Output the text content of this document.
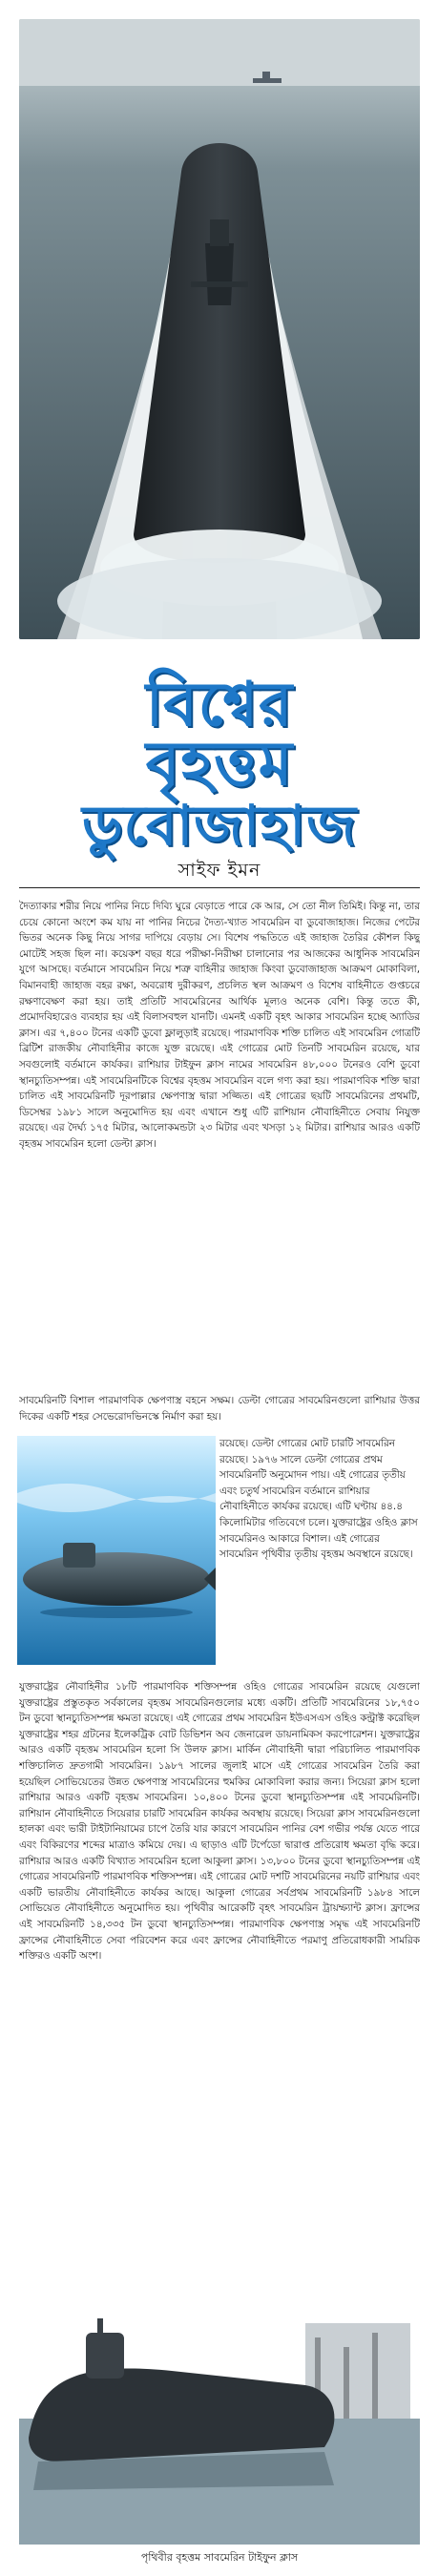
বিশ্বের
বৃহত্তম
ডুবোজাহাজ
সাইফ ইমন
দৈত্যাকার শরীর নিয়ে পানির নিচে দিব্যি ঘুরে বেড়াতে পারে কে আর, সে তো নীল তিমিই। কিন্তু না, তার চেয়ে কোনো অংশে কম যায় না পানির নিচের দৈত্য-খ্যাত সাবমেরিন বা ডুবোজাহাজ। নিজের পেটের ভিতর অনেক কিছু নিয়ে সাগর দাপিয়ে বেড়ায় সে। বিশেষ পদ্ধতিতে এই জাহাজ তৈরির কৌশল কিছু মোটেই সহজ ছিল না। কয়েকশ বছর ধরে পরীক্ষা-নিরীক্ষা চালানোর পর আজকের আধুনিক সাবমেরিন যুগে আসছে। বর্তমানে সাবমেরিন নিয়ে শত্রু বাহিনীর জাহাজ কিংবা ডুবোজাহাজ আক্রমণ মোকাবিলা, বিমানবাহী জাহাজ বহর রক্ষা, অবরোধ দুরীকরণ, প্রচলিত স্থল আক্রমণ ও বিশেষ বাহিনীতে গুপ্তচরে রক্ষণাবেক্ষণ করা হয়। তাই প্রতিটি সাবমেরিনের আর্থিক মূল্যও অনেক বেশি। কিন্তু ততে কী, প্রমোদবিহারেও ব্যবহার হয় এই বিলাসবহুল যানটি। এমনই একটি বৃহৎ আকার সাবমেরিন হচ্ছে অ্যাডির ক্লাস। এর ৭,৪০০ টনের একটি ডুবো ফ্লালুড়াই রয়েছে। পারমাণবিক শক্তি চালিত এই সাবমেরিন গোত্রটি ব্রিটিশ রাজকীয় নৌবাহিনীর কাজে যুক্ত রয়েছে। এই গোত্রের মোট তিনটি সাবমেরিন রয়েছে, যার সবগুলোই বর্তমানে কার্যকর। রাশিয়ার টাইফুন ক্লাস নামের সাবমেরিন ৪৮,০০০ টনেরও বেশি ডুবো স্থানচ্যুতিসম্পন্ন। এই সাবমেরিনটিকে বিশ্বের বৃহত্তম সাবমেরিন বলে গণ্য করা হয়। পারমাণবিক শক্তি দ্বারা চালিত এই সাবমেরিনটি দূরপাল্লার ক্ষেপণাস্ত্র দ্বারা সজ্জিত। এই গোত্রের ছয়টি সাবমেরিনের প্রথমটি, ডিসেম্বর ১৯৮১ সালে অনুমোদিত হয় এবং এখানে শুধু এটি রাশিয়ান নৌবাহিনীতে সেবায় নিযুক্ত রয়েছে। এর দৈর্ঘ্য ১৭৫ মিটার, আলোকমন্ডটা ২৩ মিটার এবং খসড়া ১২ মিটার। রাশিয়ার আরও একটি বৃহত্তম সাবমেরিন হলো ডেল্টা ক্লাস।
সাবমেরিনটি বিশাল পারমাণবিক ক্ষেপণাস্ত্র বহনে সক্ষম। ডেল্টা গোত্রের সাবমেরিনগুলো রাশিয়ার উত্তর দিকের একটি শহর সেভেরোদভিনস্কে নির্মাণ করা হয়।
রয়েছে। ডেল্টা গোত্রের মোট চারটি সাবমেরিন রয়েছে। ১৯৭৬ সালে ডেল্টা গোত্রের প্রথম সাবমেরিনটি অনুমোদন পায়। এই গোত্রের তৃতীয় এবং চতুর্থ সাবমেরিন বর্তমানে রাশিয়ার নৌবাহিনীতে কার্যকর রয়েছে। এটি ঘণ্টায় ৪৪.৪ কিলোমিটার গতিবেগে চলে। যুক্তরাষ্ট্রের ওহিও ক্লাস সাবমেরিনও আকারে বিশাল। এই গোত্রের সাবমেরিন পৃথিবীর তৃতীয় বৃহত্তম অবস্থানে রয়েছে।
যুক্তরাষ্ট্রের নৌবাহিনীর ১৮টি পারমাণবিক শক্তিসম্পন্ন ওহিও গোত্রের সাবমেরিন রয়েছে যেগুলো যুক্তরাষ্ট্রের প্রস্তুতকৃত সর্বকালের বৃহত্তম সাবমেরিনগুলোর মধ্যে একটি। প্রতিটি সাবমেরিনের ১৮,৭৫০ টন ডুবো স্থানচ্যুতিসম্পন্ন ক্ষমতা রয়েছে। এই গোত্রের প্রথম সাবমেরিন ইউএসএস ওহিও কন্ট্রাক্ট করেছিল যুক্তরাষ্ট্রের শহর গ্রটনের ইলেকট্রিক বোট ডিভিশন অব জেনারেল ডায়নামিকস করপোরেশন। যুক্তরাষ্ট্রের আরও একটি বৃহত্তম সাবমেরিন হলো সি উলফ ক্লাস। মার্কিন নৌবাহিনী দ্বারা পরিচালিত পারমাণবিক শক্তিচালিত দ্রুতগামী সাবমেরিন। ১৯৮৭ সালের জুলাই মাসে এই গোত্রের সাবমেরিন তৈরি করা হয়েছিল সোভিয়েতের উন্নত ক্ষেপণাস্ত্র সাবমেরিনের হুমকির মোকাবিলা করার জন্য। সিয়েরা ক্লাস হলো রাশিয়ার আরও একটি বৃহত্তম সাবমেরিন। ১০,৪০০ টনের ডুবো স্থানচ্যুতিসম্পন্ন এই সাবমেরিনটি। রাশিয়ান নৌবাহিনীতে সিয়েরার চারটি সাবমেরিন কার্যকর অবস্থায় রয়েছে। সিয়েরা ক্লাস সাবমেরিনগুলো হালকা এবং ভারী টাইটানিয়ামের চাপে তৈরি যার কারণে সাবমেরিন পানির বেশ গভীর পর্যন্ত যেতে পারে এবং বিকিরণের শব্দের মাত্রাও কমিয়ে দেয়। এ ছাড়াও এটি টর্পেডো দ্বারাপ্ত প্রতিরোধ ক্ষমতা বৃদ্ধি করে। রাশিয়ার আরও একটি বিখ্যাত সাবমেরিন হলো আকুলা ক্লাস। ১৩,৮০০ টনের ডুবো স্থানচ্যুতিসম্পন্ন এই গোত্রের সাবমেরিনটি পারমাণবিক শক্তিসম্পন্ন। এই গোত্রের মোট দশটি সাবমেরিনের নয়টি রাশিয়ার এবং একটি ভারতীয় নৌবাহিনীতে কার্যকর আছে। আকুলা গোত্রের সর্বপ্রথম সাবমেরিনটি ১৯৮৪ সালে সোভিয়েত নৌবাহিনীতে অনুমোদিত হয়। পৃথিবীর আরেকটি বৃহৎ সাবমেরিন ট্রায়ম্ফ্যান্ট ক্লাস। ফ্রান্সের এই সাবমেরিনটি ১৪,৩৩৫ টন ডুবো স্থানচ্যুতিসম্পন্ন। পারমাণবিক ক্ষেপণাস্ত্র সমৃদ্ধ এই সাবমেরিনটি ফ্রান্সের নৌবাহিনীতে সেবা পরিবেশন করে এবং ফ্রান্সের নৌবাহিনীতে পরমাণু প্রতিরোধকারী সামরিক শক্তিরও একটি অংশ।
পৃথিবীর বৃহত্তম সাবমেরিন টাইফুন ক্লাস
